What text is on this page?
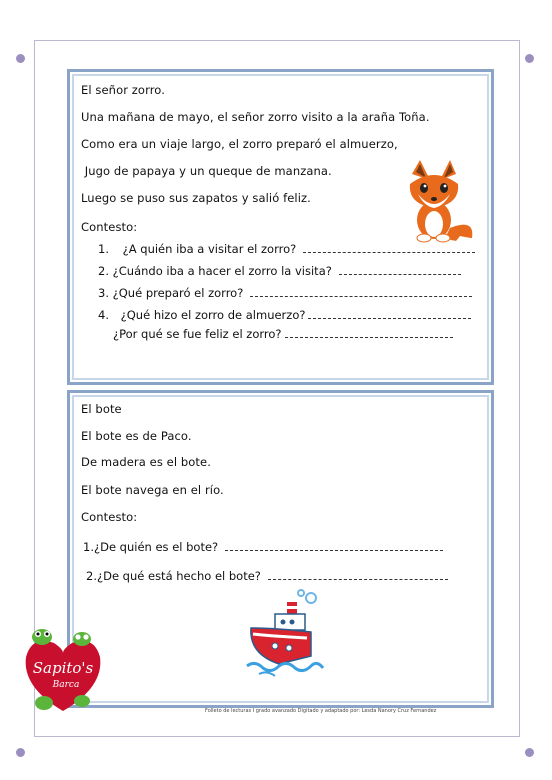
El señor zorro.
Una mañana de mayo, el señor zorro visito a la araña Toña.
Como era un viaje largo, el zorro preparó el almuerzo,
Jugo de papaya y un queque de manzana.
Luego se puso sus zapatos y salió feliz.
Contesto:
1. ¿A quién iba a visitar el zorro?
2. ¿Cuándo iba a hacer el zorro la visita?
3. ¿Qué preparó el zorro?
4. ¿Qué hizo el zorro de almuerzo?
¿Por qué se fue feliz el zorro?
El bote
El bote es de Paco.
De madera es el bote.
El bote navega en el río.
Contesto:
1.¿De quién es el bote?
2.¿De qué está hecho el bote?
Sapito's
Barca
Folleto de lecturas I grado avanzado Digitado y adaptado por: Lesda Nanory Cruz Fernandez
